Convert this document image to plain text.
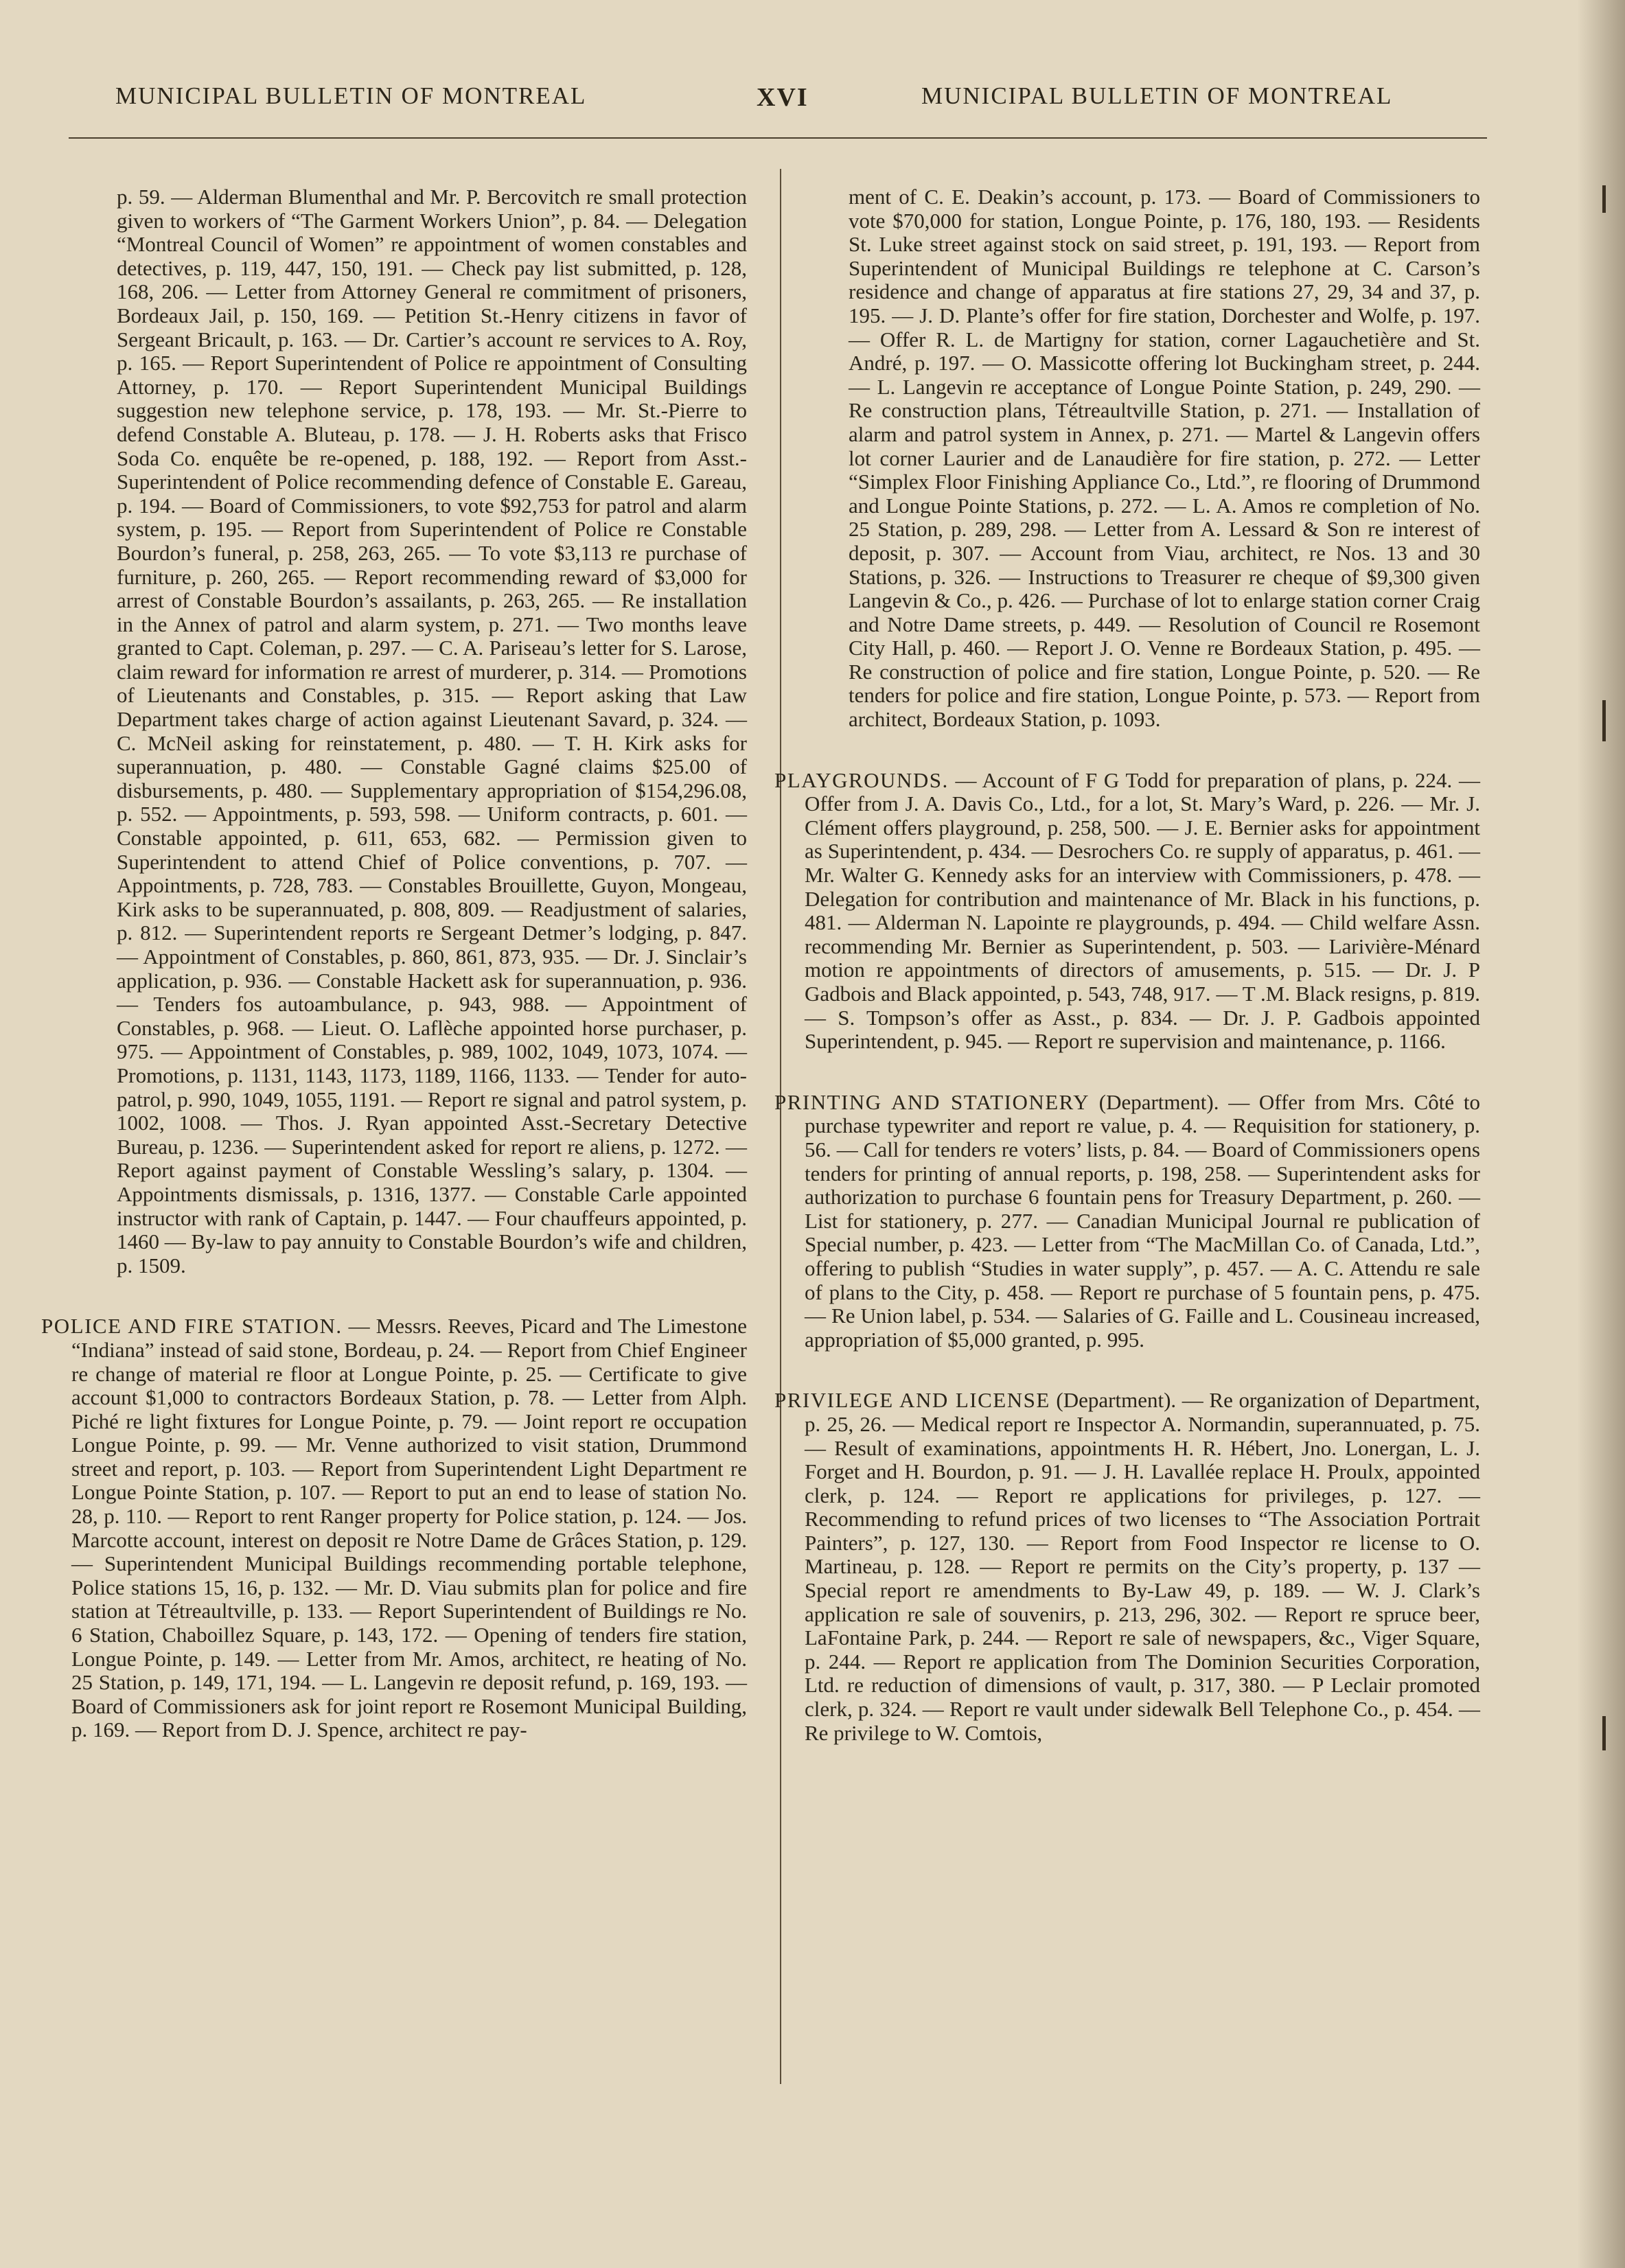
MUNICIPAL BULLETIN OF MONTREAL	XVI	MUNICIPAL BULLETIN OF MONTREAL

p. 59. — Alderman Blumenthal and Mr. P. Bercovitch re small protection given to workers of “The Garment Workers Union”, p. 84. — Delegation “Montreal Council of Women” re appointment of women constables and detectives, p. 119, 447, 150, 191. — Check pay list submitted, p. 128, 168, 206. — Letter from Attorney General re commitment of prisoners, Bordeaux Jail, p. 150, 169. — Petition St.-Henry citizens in favor of Sergeant Bricault, p. 163. — Dr. Cartier’s account re services to A. Roy, p. 165. — Report Superintendent of Police re appointment of Consulting Attorney, p. 170. — Report Superintendent Municipal Buildings suggestion new telephone service, p. 178, 193. — Mr. St.-Pierre to defend Constable A. Bluteau, p. 178. — J. H. Roberts asks that Frisco Soda Co. enquête be re-opened, p. 188, 192. — Report from Asst.-Superintendent of Police recommending defence of Constable E. Gareau, p. 194. — Board of Commissioners, to vote $92,753 for patrol and alarm system, p. 195. — Report from Superintendent of Police re Constable Bourdon’s funeral, p. 258, 263, 265. — To vote $3,113 re purchase of furniture, p. 260, 265. — Report recommending reward of $3,000 for arrest of Constable Bourdon’s assailants, p. 263, 265. — Re installation in the Annex of patrol and alarm system, p. 271. — Two months leave granted to Capt. Coleman, p. 297. — C. A. Pariseau’s letter for S. Larose, claim reward for information re arrest of murderer, p. 314. — Promotions of Lieutenants and Constables, p. 315. — Report asking that Law Department takes charge of action against Lieutenant Savard, p. 324. — C. McNeil asking for reinstatement, p. 480. — T. H. Kirk asks for superannuation, p. 480. — Constable Gagné claims $25.00 of disbursements, p. 480. — Supplementary appropriation of $154,296.08, p. 552. — Appointments, p. 593, 598. — Uniform contracts, p. 601. — Constable appointed, p. 611, 653, 682. — Permission given to Superintendent to attend Chief of Police conventions, p. 707. — Appointments, p. 728, 783. — Constables Brouillette, Guyon, Mongeau, Kirk asks to be superannuated, p. 808, 809. — Readjustment of salaries, p. 812. — Superintendent reports re Sergeant Detmer’s lodging, p. 847. — Appointment of Constables, p. 860, 861, 873, 935. — Dr. J. Sinclair’s application, p. 936. — Constable Hackett ask for superannuation, p. 936. — Tenders fos autoambulance, p. 943, 988. — Appointment of Constables, p. 968. — Lieut. O. Laflèche appointed horse purchaser, p. 975. — Appointment of Constables, p. 989, 1002, 1049, 1073, 1074. — Promotions, p. 1131, 1143, 1173, 1189, 1166, 1133. — Tender for auto-patrol, p. 990, 1049, 1055, 1191. — Report re signal and patrol system, p. 1002, 1008. — Thos. J. Ryan appointed Asst.-Secretary Detective Bureau, p. 1236. — Superintendent asked for report re aliens, p. 1272. — Report against payment of Constable Wessling’s salary, p. 1304. — Appointments dismissals, p. 1316, 1377. — Constable Carle appointed instructor with rank of Captain, p. 1447. — Four chauffeurs appointed, p. 1460 — By-law to pay annuity to Constable Bourdon’s wife and children, p. 1509.

POLICE AND FIRE STATION. — Messrs. Reeves, Picard and The Limestone “Indiana” instead of said stone, Bordeau, p. 24. — Report from Chief Engineer re change of material re floor at Longue Pointe, p. 25. — Certificate to give account $1,000 to contractors Bordeaux Station, p. 78. — Letter from Alph. Piché re light fixtures for Longue Pointe, p. 79. — Joint report re occupation Longue Pointe, p. 99. — Mr. Venne authorized to visit station, Drummond street and report, p. 103. — Report from Superintendent Light Department re Longue Pointe Station, p. 107. — Report to put an end to lease of station No. 28, p. 110. — Report to rent Ranger property for Police station, p. 124. — Jos. Marcotte account, interest on deposit re Notre Dame de Grâces Station, p. 129. — Superintendent Municipal Buildings recommending portable telephone, Police stations 15, 16, p. 132. — Mr. D. Viau submits plan for police and fire station at Tétreaultville, p. 133. — Report Superintendent of Buildings re No. 6 Station, Chaboillez Square, p. 143, 172. — Opening of tenders fire station, Longue Pointe, p. 149. — Letter from Mr. Amos, architect, re heating of No. 25 Station, p. 149, 171, 194. — L. Langevin re deposit refund, p. 169, 193. — Board of Commissioners ask for joint report re Rosemont Municipal Building, p. 169. — Report from D. J. Spence, architect re pay-

ment of C. E. Deakin’s account, p. 173. — Board of Commissioners to vote $70,000 for station, Longue Pointe, p. 176, 180, 193. — Residents St. Luke street against stock on said street, p. 191, 193. — Report from Superintendent of Municipal Buildings re telephone at C. Carson’s residence and change of apparatus at fire stations 27, 29, 34 and 37, p. 195. — J. D. Plante’s offer for fire station, Dorchester and Wolfe, p. 197. — Offer R. L. de Martigny for station, corner Lagauchetière and St. André, p. 197. — O. Massicotte offering lot Buckingham street, p. 244. — L. Langevin re acceptance of Longue Pointe Station, p. 249, 290. — Re construction plans, Tétreaultville Station, p. 271. — Installation of alarm and patrol system in Annex, p. 271. — Martel & Langevin offers lot corner Laurier and de Lanaudière for fire station, p. 272. — Letter “Simplex Floor Finishing Appliance Co., Ltd.”, re flooring of Drummond and Longue Pointe Stations, p. 272. — L. A. Amos re completion of No. 25 Station, p. 289, 298. — Letter from A. Lessard & Son re interest of deposit, p. 307. — Account from Viau, architect, re Nos. 13 and 30 Stations, p. 326. — Instructions to Treasurer re cheque of $9,300 given Langevin & Co., p. 426. — Purchase of lot to enlarge station corner Craig and Notre Dame streets, p. 449. — Resolution of Council re Rosemont City Hall, p. 460. — Report J. O. Venne re Bordeaux Station, p. 495. — Re construction of police and fire station, Longue Pointe, p. 520. — Re tenders for police and fire station, Longue Pointe, p. 573. — Report from architect, Bordeaux Station, p. 1093.

PLAYGROUNDS. — Account of F G Todd for preparation of plans, p. 224. — Offer from J. A. Davis Co., Ltd., for a lot, St. Mary’s Ward, p. 226. — Mr. J. Clément offers playground, p. 258, 500. — J. E. Bernier asks for appointment as Superintendent, p. 434. — Desrochers Co. re supply of apparatus, p. 461. — Mr. Walter G. Kennedy asks for an interview with Commissioners, p. 478. — Delegation for contribution and maintenance of Mr. Black in his functions, p. 481. — Alderman N. Lapointe re playgrounds, p. 494. — Child welfare Assn. recommending Mr. Bernier as Superintendent, p. 503. — Larivière-Ménard motion re appointments of directors of amusements, p. 515. — Dr. J. P Gadbois and Black appointed, p. 543, 748, 917. — T .M. Black resigns, p. 819. — S. Tompson’s offer as Asst., p. 834. — Dr. J. P. Gadbois appointed Superintendent, p. 945. — Report re supervision and maintenance, p. 1166.

PRINTING AND STATIONERY (Department). — Offer from Mrs. Côté to purchase typewriter and report re value, p. 4. — Requisition for stationery, p. 56. — Call for tenders re voters’ lists, p. 84. — Board of Commissioners opens tenders for printing of annual reports, p. 198, 258. — Superintendent asks for authorization to purchase 6 fountain pens for Treasury Department, p. 260. — List for stationery, p. 277. — Canadian Municipal Journal re publication of Special number, p. 423. — Letter from “The MacMillan Co. of Canada, Ltd.”, offering to publish “Studies in water supply”, p. 457. — A. C. Attendu re sale of plans to the City, p. 458. — Report re purchase of 5 fountain pens, p. 475. — Re Union label, p. 534. — Salaries of G. Faille and L. Cousineau increased, appropriation of $5,000 granted, p. 995.

PRIVILEGE AND LICENSE (Department). — Re organization of Department, p. 25, 26. — Medical report re Inspector A. Normandin, superannuated, p. 75. — Result of examinations, appointments H. R. Hébert, Jno. Lonergan, L. J. Forget and H. Bourdon, p. 91. — J. H. Lavallée replace H. Proulx, appointed clerk, p. 124. — Report re applications for privileges, p. 127. — Recommending to refund prices of two licenses to “The Association Portrait Painters”, p. 127, 130. — Report from Food Inspector re license to O. Martineau, p. 128. — Report re permits on the City’s property, p. 137 — Special report re amendments to By-Law 49, p. 189. — W. J. Clark’s application re sale of souvenirs, p. 213, 296, 302. — Report re spruce beer, LaFontaine Park, p. 244. — Report re sale of newspapers, &c., Viger Square, p. 244. — Report re application from The Dominion Securities Corporation, Ltd. re reduction of dimensions of vault, p. 317, 380. — P Leclair promoted clerk, p. 324. — Report re vault under sidewalk Bell Telephone Co., p. 454. — Re privilege to W. Comtois,
